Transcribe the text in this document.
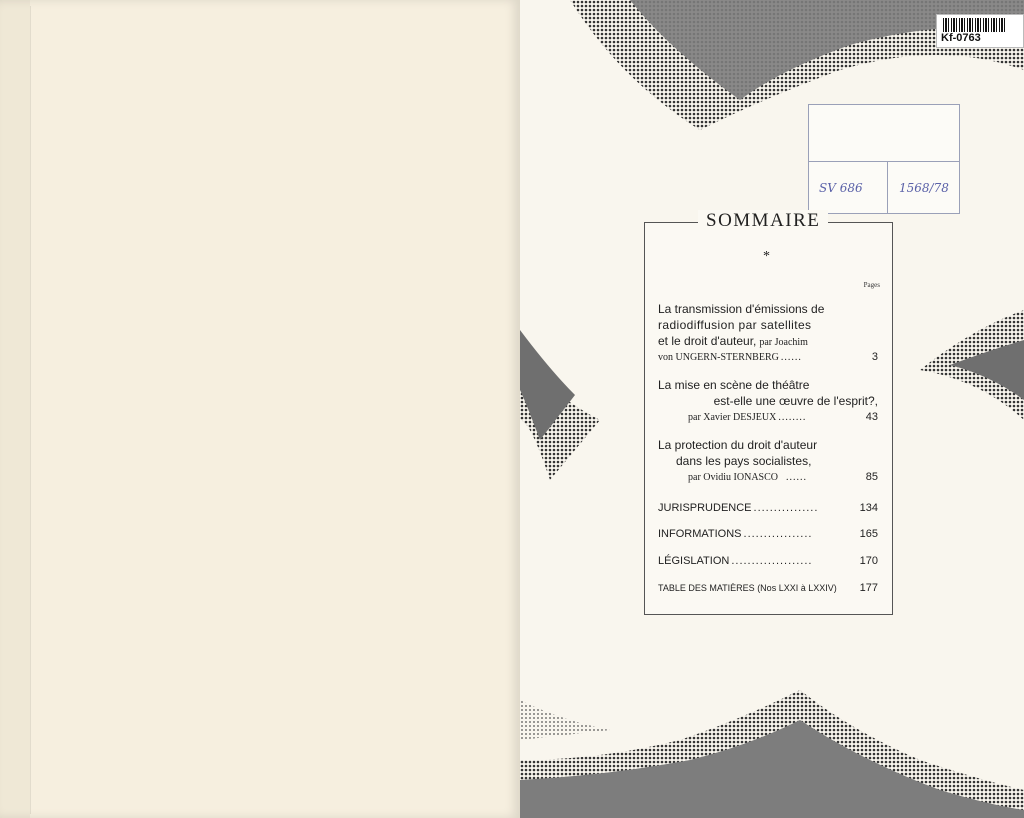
Kf-0763
SV 686	1568/78
*
Pages
La transmission d'émissions de
radiodiffusion par satellites
et le droit d'auteur, par Joachim
von UNGERN-STERNBERG ......	3
La mise en scène de théâtre
est-elle une œuvre de l'esprit?,
par Xavier DESJEUX ........	43
La protection du droit d'auteur
dans les pays socialistes,
par Ovidiu IONASCO ......	85
JURISPRUDENCE ................	134
INFORMATIONS .................	165
LÉGISLATION ....................	170
TABLE DES MATIÈRES (Nos LXXI à LXXIV) 177
SOMMAIRE
